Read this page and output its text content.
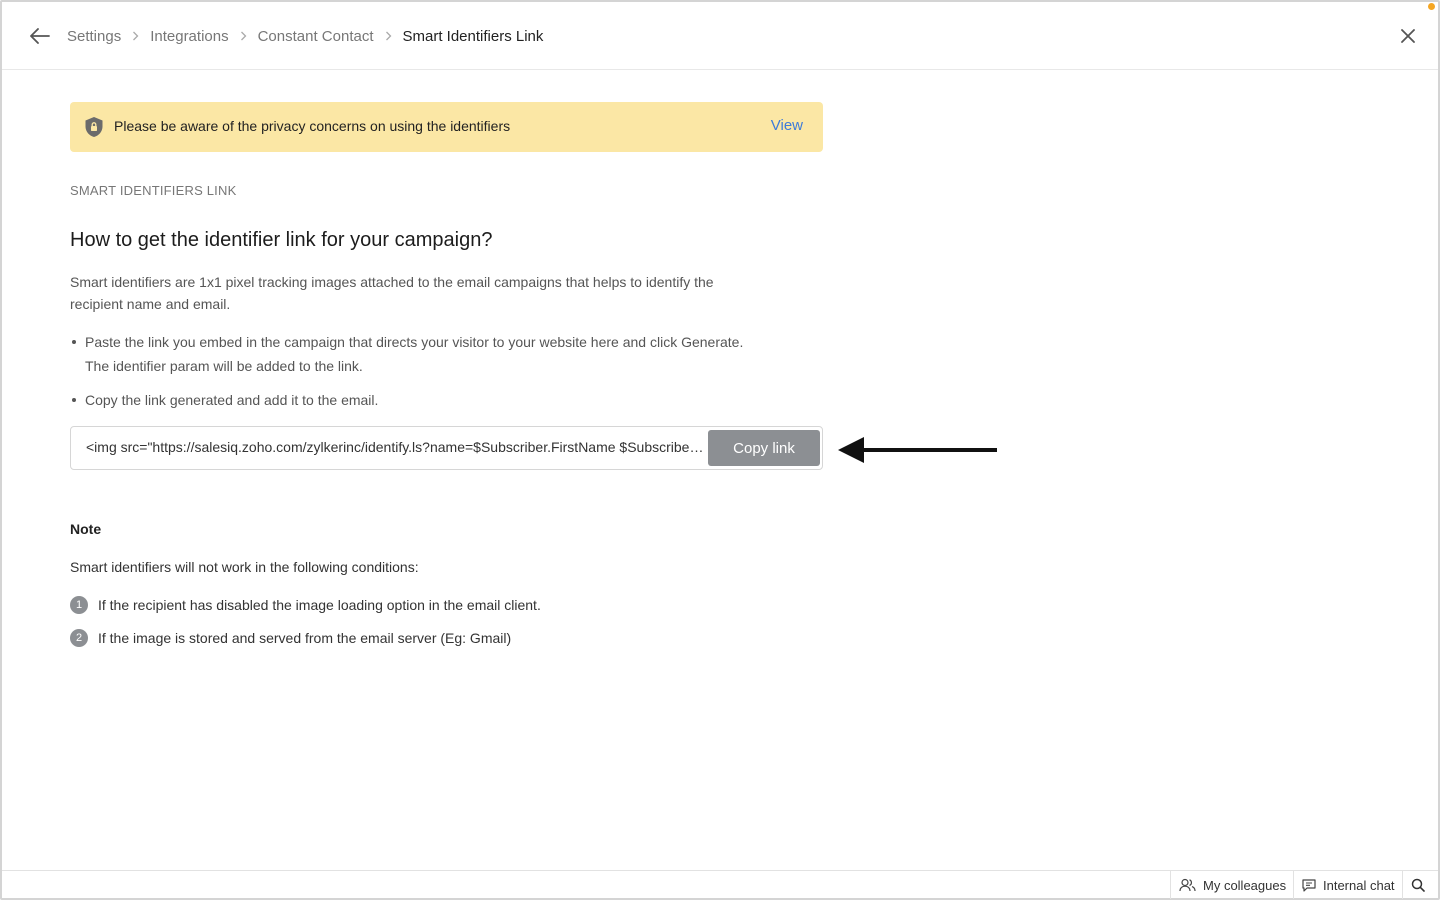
Settings Integrations Constant Contact Smart Identifiers Link
Please be aware of the privacy concerns on using the identifiers	View
SMART IDENTIFIERS LINK
How to get the identifier link for your campaign?
Smart identifiers are 1x1 pixel tracking images attached to the email campaigns that helps to identify the recipient name and email.
Paste the link you embed in the campaign that directs your visitor to your website here and click Generate. The identifier param will be added to the link.
Copy the link generated and add it to the email.
<img src="https://salesiq.zoho.com/zylkerinc/identify.ls?name=$Subscriber.FirstName $Subscriber.LastName
Copy link
Note
Smart identifiers will not work in the following conditions:
1	If the recipient has disabled the image loading option in the email client.
2	If the image is stored and served from the email server (Eg: Gmail)
My colleagues	Internal chat
